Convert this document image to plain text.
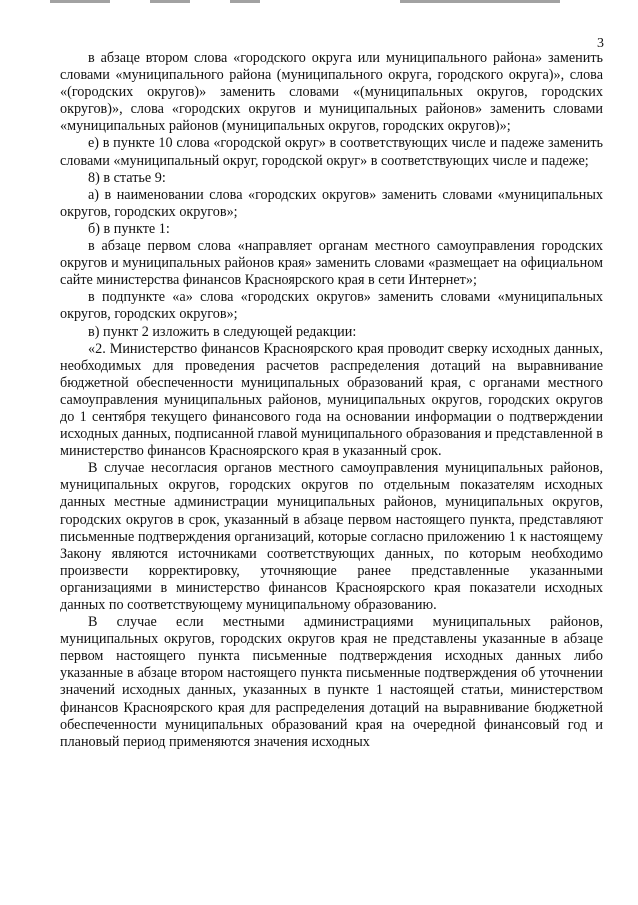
3

в абзаце втором слова «городского округа или муниципального района» заменить словами «муниципального района (муниципального округа, городского округа)», слова «(городских округов)» заменить словами «(муниципальных округов, городских округов)», слова «городских округов и муниципальных районов» заменить словами «муниципальных районов (муниципальных округов, городских округов)»;

е) в пункте 10 слова «городской округ» в соответствующих числе и падеже заменить словами «муниципальный округ, городской округ» в соответствующих числе и падеже;

8) в статье 9:

а) в наименовании слова «городских округов» заменить словами «муниципальных округов, городских округов»;

б) в пункте 1:

в абзаце первом слова «направляет органам местного самоуправления городских округов и муниципальных районов края» заменить словами «размещает на официальном сайте министерства финансов Красноярского края в сети Интернет»;

в подпункте «а» слова «городских округов» заменить словами «муниципальных округов, городских округов»;

в) пункт 2 изложить в следующей редакции:

«2. Министерство финансов Красноярского края проводит сверку исходных данных, необходимых для проведения расчетов распределения дотаций на выравнивание бюджетной обеспеченности муниципальных образований края, с органами местного самоуправления муниципальных районов, муниципальных округов, городских округов до 1 сентября текущего финансового года на основании информации о подтверждении исходных данных, подписанной главой муниципального образования и представленной в министерство финансов Красноярского края в указанный срок.

В случае несогласия органов местного самоуправления муниципальных районов, муниципальных округов, городских округов по отдельным показателям исходных данных местные администрации муниципальных районов, муниципальных округов, городских округов в срок, указанный в абзаце первом настоящего пункта, представляют письменные подтверждения организаций, которые согласно приложению 1 к настоящему Закону являются источниками соответствующих данных, по которым необходимо произвести корректировку, уточняющие ранее представленные указанными организациями в министерство финансов Красноярского края показатели исходных данных по соответствующему муниципальному образованию.

В случае если местными администрациями муниципальных районов, муниципальных округов, городских округов края не представлены указанные в абзаце первом настоящего пункта письменные подтверждения исходных данных либо указанные в абзаце втором настоящего пункта письменные подтверждения об уточнении значений исходных данных, указанных в пункте 1 настоящей статьи, министерством финансов Красноярского края для распределения дотаций на выравнивание бюджетной обеспеченности муниципальных образований края на очередной финансовый год и плановый период применяются значения исходных
